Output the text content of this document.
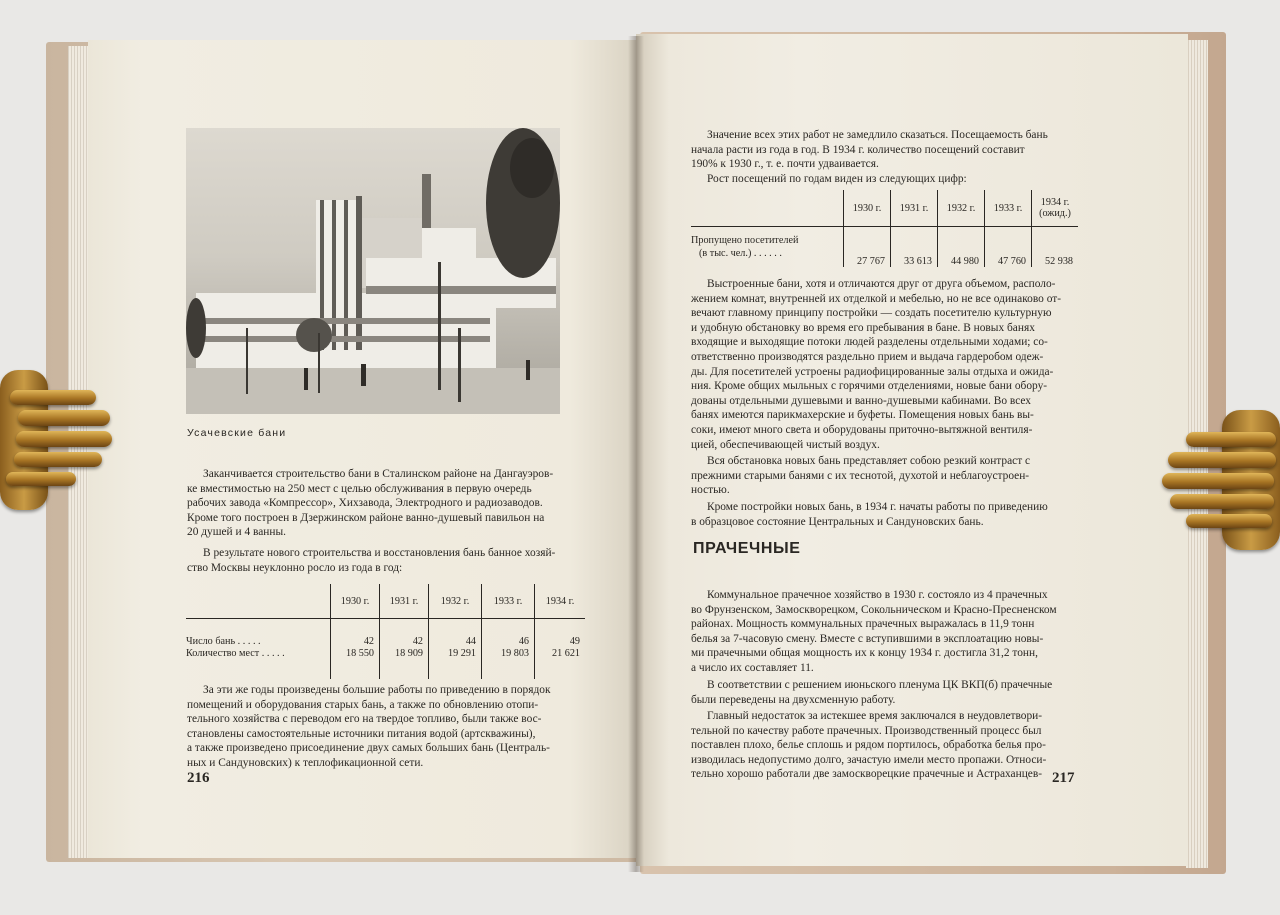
Усачевские бани
Заканчивается строительство бани в Сталинском районе на Дангауэров-
ке вместимостью на 250 мест с целью обслуживания в первую очередь
рабочих завода «Компрессор», Хихзавода, Электродного и радиозаводов.
Кроме того построен в Дзержинском районе ванно-душевый павильон на
20 душей и 4 ванны.
В результате нового строительства и восстановления бань банное хозяй-
ство Москвы неуклонно росло из года в год:
	1930 г.	1931 г.	1932 г.	1933 г.	1934 г.
Число бань . . . . .	42	42	44	46	49
Количество мест . . . . .	18 550	18 909	19 291	19 803	21 621
За эти же годы произведены большие работы по приведению в порядок
помещений и оборудования старых бань, а также по обновлению отопи-
тельного хозяйства с переводом его на твердое топливо, были также вос-
становлены самостоятельные источники питания водой (артскважины),
а также произведено присоединение двух самых больших бань (Централь-
ных и Сандуновских) к теплофикационной сети.
216
Значение всех этих работ не замедлило сказаться. Посещаемость бань
начала расти из года в год. В 1934 г. количество посещений составит
190% к 1930 г., т. е. почти удваивается.
Рост посещений по годам виден из следующих цифр:
	1930 г.	1931 г.	1932 г.	1933 г.	1934 г.
(ожид.)
Пропущено посетителей
(в тыс. чел.) . . . . . .	27 767	33 613	44 980	47 760	52 938
Выстроенные бани, хотя и отличаются друг от друга объемом, располо-
жением комнат, внутренней их отделкой и мебелью, но не все одинаково от-
вечают главному принципу постройки — создать посетителю культурную
и удобную обстановку во время его пребывания в бане. В новых банях
входящие и выходящие потоки людей разделены отдельными ходами; со-
ответственно производятся раздельно прием и выдача гардеробом одеж-
ды. Для посетителей устроены радиофицированные залы отдыха и ожида-
ния. Кроме общих мыльных с горячими отделениями, новые бани обору-
дованы отдельными душевыми и ванно-душевыми кабинами. Во всех
банях имеются парикмахерские и буфеты. Помещения новых бань вы-
соки, имеют много света и оборудованы приточно-вытяжной вентиля-
цией, обеспечивающей чистый воздух.
Вся обстановка новых бань представляет собою резкий контраст с
прежними старыми банями с их теснотой, духотой и неблагоустроен-
ностью.
Кроме постройки новых бань, в 1934 г. начаты работы по приведению
в образцовое состояние Центральных и Сандуновских бань.
ПРАЧЕЧНЫЕ
Коммунальное прачечное хозяйство в 1930 г. состояло из 4 прачечных
во Фрунзенском, Замоскворецком, Сокольническом и Красно-Пресненском
районах. Мощность коммунальных прачечных выражалась в 11,9 тонн
белья за 7-часовую смену. Вместе с вступившими в эксплоатацию новы-
ми прачечными общая мощность их к концу 1934 г. достигла 31,2 тонн,
а число их составляет 11.
В соответствии с решением июньского пленума ЦК ВКП(б) прачечные
были переведены на двухсменную работу.
Главный недостаток за истекшее время заключался в неудовлетвори-
тельной по качеству работе прачечных. Производственный процесс был
поставлен плохо, белье сплошь и рядом портилось, обработка белья про-
изводилась недопустимо долго, зачастую имели место пропажи. Относи-
тельно хорошо работали две замоскворецкие прачечные и Астраханцев- 217
